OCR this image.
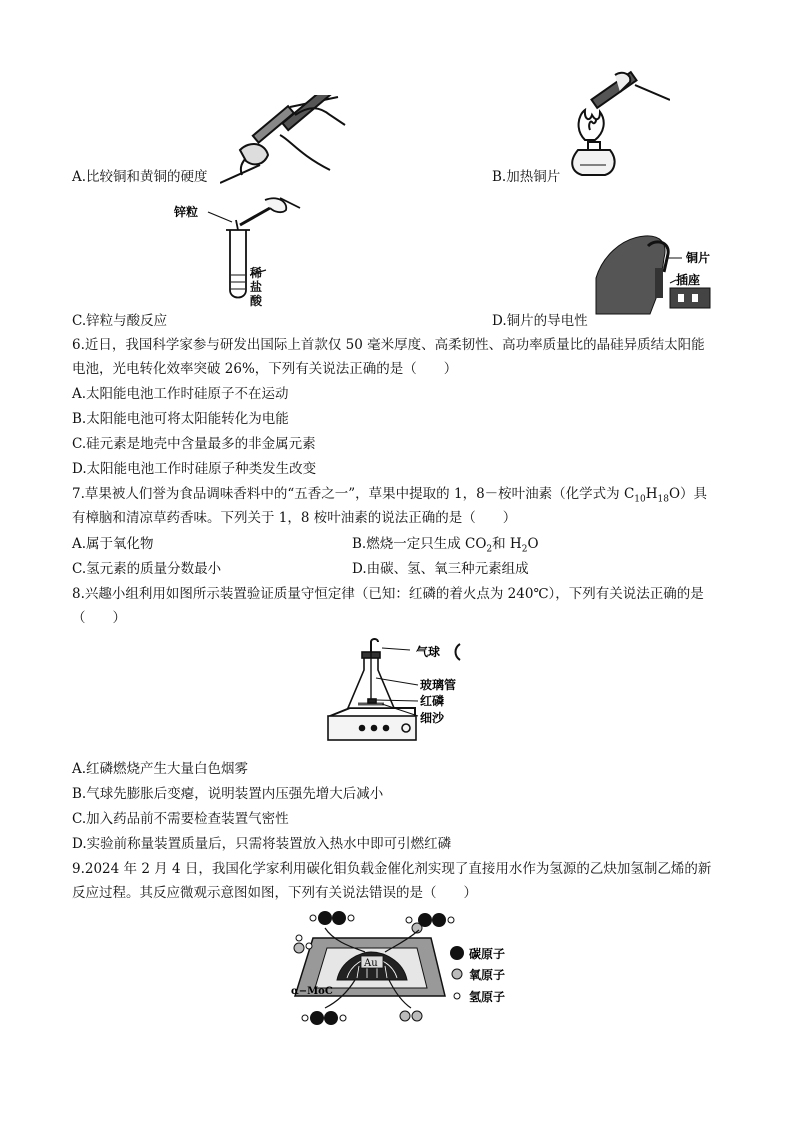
A.比较铜和黄铜的硬度	B.加热铜片
锌粒
稀盐酸
C.锌粒与酸反应
铜片
插座
D.铜片的导电性
6.近日，我国科学家参与研发出国际上首款仅 50 毫米厚度、高柔韧性、高功率质量比的晶硅异质结太阳能
电池，光电转化效率突破 26%，下列有关说法正确的是（　　）
A.太阳能电池工作时硅原子不在运动
B.太阳能电池可将太阳能转化为电能
C.硅元素是地壳中含量最多的非金属元素
D.太阳能电池工作时硅原子种类发生改变
7.草果被人们誉为食品调味香料中的“五香之一”，草果中提取的 1，8－桉叶油素（化学式为 $C_{10}H_{18}O$）具
有樟脑和清凉草药香味。下列关于 1，8 桉叶油素的说法正确的是（　　）
A.属于氧化物	B.燃烧一定只生成 $CO_2$和 $H_2O$
C.氢元素的质量分数最小	D.由碳、氢、氧三种元素组成
8.兴趣小组利用如图所示装置验证质量守恒定律（已知：红磷的着火点为 240℃），下列有关说法正确的是
（　　）
气球
玻璃管
红磷
细沙
A.红磷燃烧产生大量白色烟雾
B.气球先膨胀后变瘪，说明装置内压强先增大后减小
C.加入药品前不需要检查装置气密性
D.实验前称量装置质量后，只需将装置放入热水中即可引燃红磷
9.2024 年 2 月 4 日，我国化学家利用碳化钼负载金催化剂实现了直接用水作为氢源的乙炔加氢制乙烯的新
反应过程。其反应微观示意图如图，下列有关说法错误的是（　　）
Au
α−MoC
碳原子
氧原子
氢原子
